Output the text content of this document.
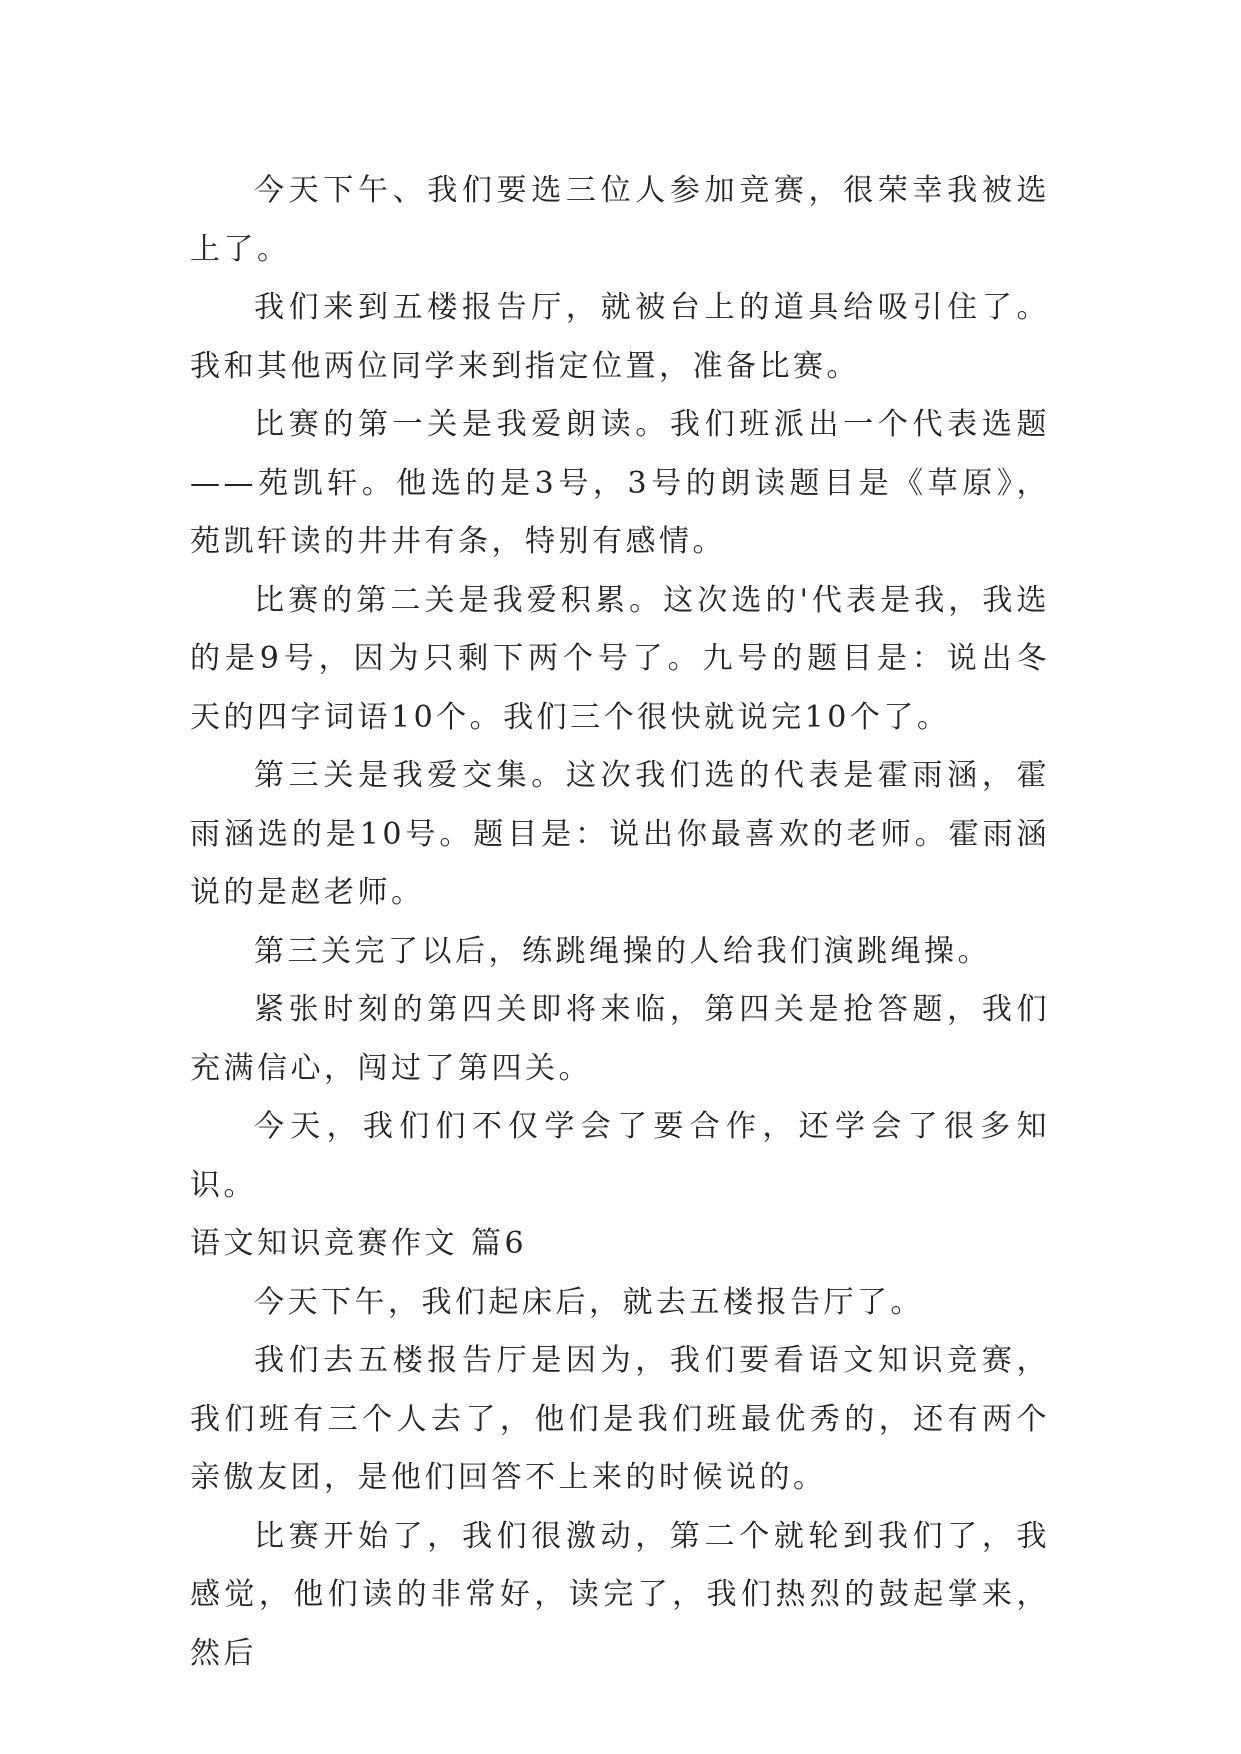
今天下午、我们要选三位人参加竞赛，很荣幸我被选上了。

我们来到五楼报告厅，就被台上的道具给吸引住了。我和其他两位同学来到指定位置，准备比赛。

比赛的第一关是我爱朗读。我们班派出一个代表选题——苑凯轩。他选的是3号，3号的朗读题目是《草原》，苑凯轩读的井井有条，特别有感情。

比赛的第二关是我爱积累。这次选的'代表是我，我选的是9号，因为只剩下两个号了。九号的题目是：说出冬天的四字词语10个。我们三个很快就说完10个了。

第三关是我爱交集。这次我们选的代表是霍雨涵，霍雨涵选的是10号。题目是：说出你最喜欢的老师。霍雨涵说的是赵老师。

第三关完了以后，练跳绳操的人给我们演跳绳操。

紧张时刻的第四关即将来临，第四关是抢答题，我们充满信心，闯过了第四关。

今天，我们们不仅学会了要合作，还学会了很多知识。

语文知识竞赛作文 篇6

今天下午，我们起床后，就去五楼报告厅了。

我们去五楼报告厅是因为，我们要看语文知识竞赛，我们班有三个人去了，他们是我们班最优秀的，还有两个亲傲友团，是他们回答不上来的时候说的。

比赛开始了，我们很激动，第二个就轮到我们了，我感觉，他们读的非常好，读完了，我们热烈的鼓起掌来，然后
